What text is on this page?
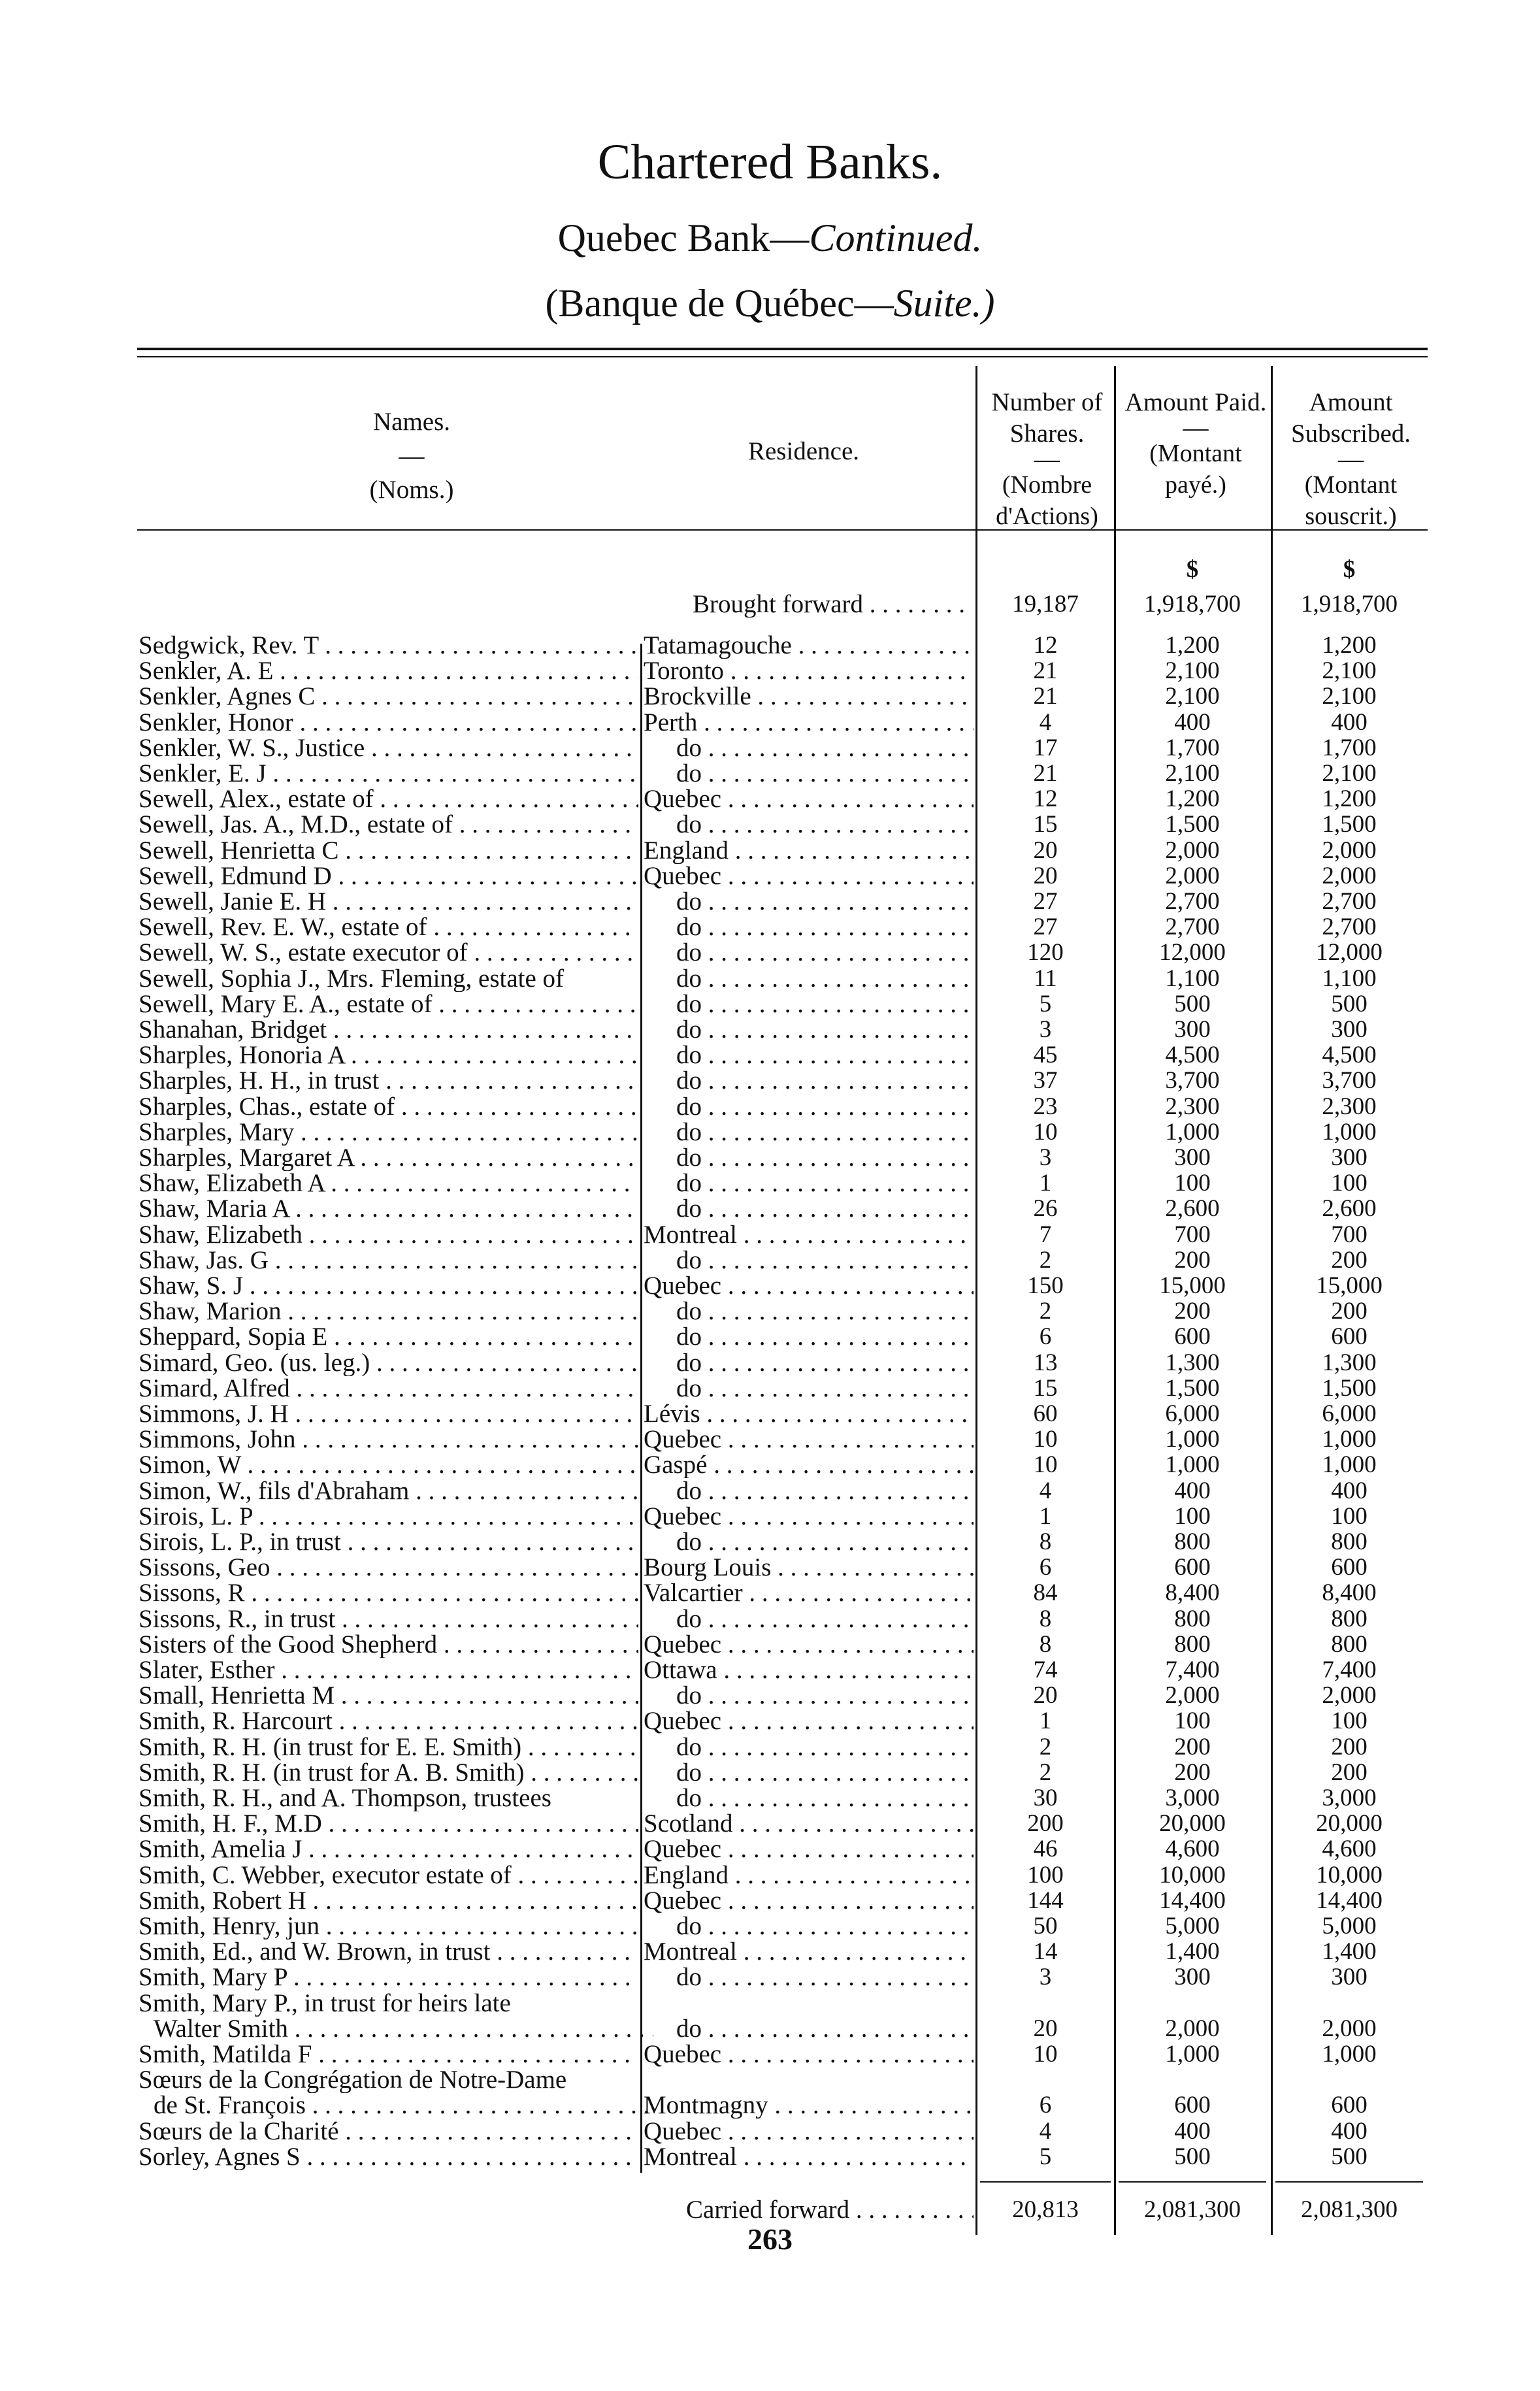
Chartered Banks.
Quebec Bank—Continued.
(Banque de Québec—Suite.)
Names.
—
(Noms.)
Residence.
Number of Shares.
—
(Nombre d'Actions)
Amount Paid.
—
(Montant payé.)
Amount Subscribed.
—
(Montant souscrit.)
$	$
Brought forward . . .	19,187	1,918,700	1,918,700
Sedgwick, Rev. T . . .	Tatamagouche . . .	12	1,200	1,200
Senkler, A. E . . .	Toronto . . .	21	2,100	2,100
Senkler, Agnes C . . .	Brockville . . .	21	2,100	2,100
Senkler, Honor . . .	Perth . . .	4	400	400
Senkler, W. S., Justice . . .	do . . .	17	1,700	1,700
Senkler, E. J . . .	do . . .	21	2,100	2,100
Sewell, Alex., estate of . . .	Quebec . . .	12	1,200	1,200
Sewell, Jas. A., M.D., estate of . . .	do . . .	15	1,500	1,500
Sewell, Henrietta C . . .	England . . .	20	2,000	2,000
Sewell, Edmund D . . .	Quebec . . .	20	2,000	2,000
Sewell, Janie E. H . . .	do . . .	27	2,700	2,700
Sewell, Rev. E. W., estate of . . .	do . . .	27	2,700	2,700
Sewell, W. S., estate executor of . . .	do . . .	120	12,000	12,000
Sewell, Sophia J., Mrs. Fleming, estate of	do . . .	11	1,100	1,100
Sewell, Mary E. A., estate of . . .	do . . .	5	500	500
Shanahan, Bridget . . .	do . . .	3	300	300
Sharples, Honoria A . . .	do . . .	45	4,500	4,500
Sharples, H. H., in trust . . .	do . . .	37	3,700	3,700
Sharples, Chas., estate of . . .	do . . .	23	2,300	2,300
Sharples, Mary . . .	do . . .	10	1,000	1,000
Sharples, Margaret A . . .	do . . .	3	300	300
Shaw, Elizabeth A . . .	do . . .	1	100	100
Shaw, Maria A . . .	do . . .	26	2,600	2,600
Shaw, Elizabeth . . .	Montreal . . .	7	700	700
Shaw, Jas. G . . .	do . . .	2	200	200
Shaw, S. J . . .	Quebec . . .	150	15,000	15,000
Shaw, Marion . . .	do . . .	2	200	200
Sheppard, Sopia E . . .	do . . .	6	600	600
Simard, Geo. (us. leg.) . . .	do . . .	13	1,300	1,300
Simard, Alfred . . .	do . . .	15	1,500	1,500
Simmons, J. H . . .	Lévis . . .	60	6,000	6,000
Simmons, John . . .	Quebec . . .	10	1,000	1,000
Simon, W . . .	Gaspé . . .	10	1,000	1,000
Simon, W., fils d'Abraham . . .	do . . .	4	400	400
Sirois, L. P . . .	Quebec . . .	1	100	100
Sirois, L. P., in trust . . .	do . . .	8	800	800
Sissons, Geo . . .	Bourg Louis . . .	6	600	600
Sissons, R . . .	Valcartier . . .	84	8,400	8,400
Sissons, R., in trust . . .	do . . .	8	800	800
Sisters of the Good Shepherd . . .	Quebec . . .	8	800	800
Slater, Esther . . .	Ottawa . . .	74	7,400	7,400
Small, Henrietta M . . .	do . . .	20	2,000	2,000
Smith, R. Harcourt . . .	Quebec . . .	1	100	100
Smith, R. H. (in trust for E. E. Smith) . . .	do . . .	2	200	200
Smith, R. H. (in trust for A. B. Smith) . . .	do . . .	2	200	200
Smith, R. H., and A. Thompson, trustees	do . . .	30	3,000	3,000
Smith, H. F., M.D . . .	Scotland . . .	200	20,000	20,000
Smith, Amelia J . . .	Quebec . . .	46	4,600	4,600
Smith, C. Webber, executor estate of . . .	England . . .	100	10,000	10,000
Smith, Robert H . . .	Quebec . . .	144	14,400	14,400
Smith, Henry, jun . . .	do . . .	50	5,000	5,000
Smith, Ed., and W. Brown, in trust . . .	Montreal . . .	14	1,400	1,400
Smith, Mary P . . .	do . . .	3	300	300
Smith, Mary P., in trust for heirs late
Walter Smith . . .	do . . .	20	2,000	2,000
Smith, Matilda F . . .	Quebec . . .	10	1,000	1,000
Sœurs de la Congrégation de Notre-Dame
de St. François . . .	Montmagny . . .	6	600	600
Sœurs de la Charité . . .	Quebec . . .	4	400	400
Sorley, Agnes S . . .	Montreal . . .	5	500	500
Carried forward . . .	20,813	2,081,300	2,081,300
263
